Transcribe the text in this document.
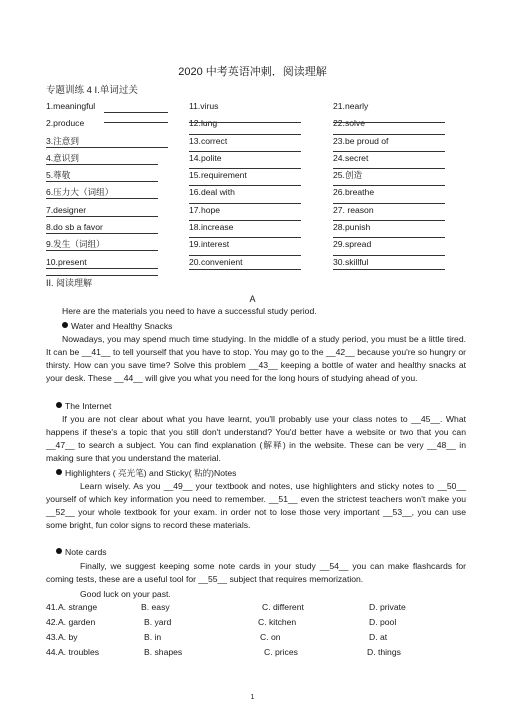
2020 中考英语冲刺．阅读理解
专题训练 4 I.单词过关
1.meaningful
2.produce
3.注意到
4.意识到
5.尊敬
6.压力大（词组）
7.designer
8.do sb a favor
9.发生（词组）
10.present
11.virus
12.lung
13.correct
14.polite
15.requirement
16.deal with
17.hope
18.increase
19.interest
20.convenient
21.nearly
22.solve
23.be proud of
24.secret
25.创造
26.breathe
27. reason
28.punish
29.spread
30.skillful
II. 阅读理解
A
Here are the materials you need to have a successful study period.
Water and Healthy Snacks
Nowadays, you may spend much time studying. In the middle of a study period, you must be a little tired. It can be __41__ to tell yourself that you have to stop. You may go to the __42__ because you're so hungry or thirsty. How can you save time? Solve this problem __43__ keeping a bottle of water and healthy snacks at your desk. These __44__ will give you what you need for the long hours of studying ahead of you.
The Internet
If you are not clear about what you have learnt, you'll probably use your class notes to __45__. What happens if these's a topic that you still don't understand? You'd better have a website or two that you can __47__ to search a subject. You can find explanation (解释) in the website. These can be very __48__ in making sure that you understand the material.
Highlighters ( 亮光笔) and Sticky( 粘的)Notes
Learn wisely. As you __49__ your textbook and notes, use highlighters and sticky notes to __50__ yourself of which key information you need to remember. __51__ even the strictest teachers won't make you __52__ your whole textbook for your exam. in order not to lose those very important __53__, you can use some bright, fun color signs to record these materials.
Note cards
Finally, we suggest keeping some note cards in your study __54__ you can make flashcards for coming tests, these are a useful tool for __55__ subject that requires memorization.
Good luck on your past.
41.A. strange	B. easy	C. different	D. private
42.A. garden	B. yard	C. kitchen	D. pool
43.A. by	B. in	C. on	D. at
44.A. troubles	B. shapes	C. prices	D. things
1
